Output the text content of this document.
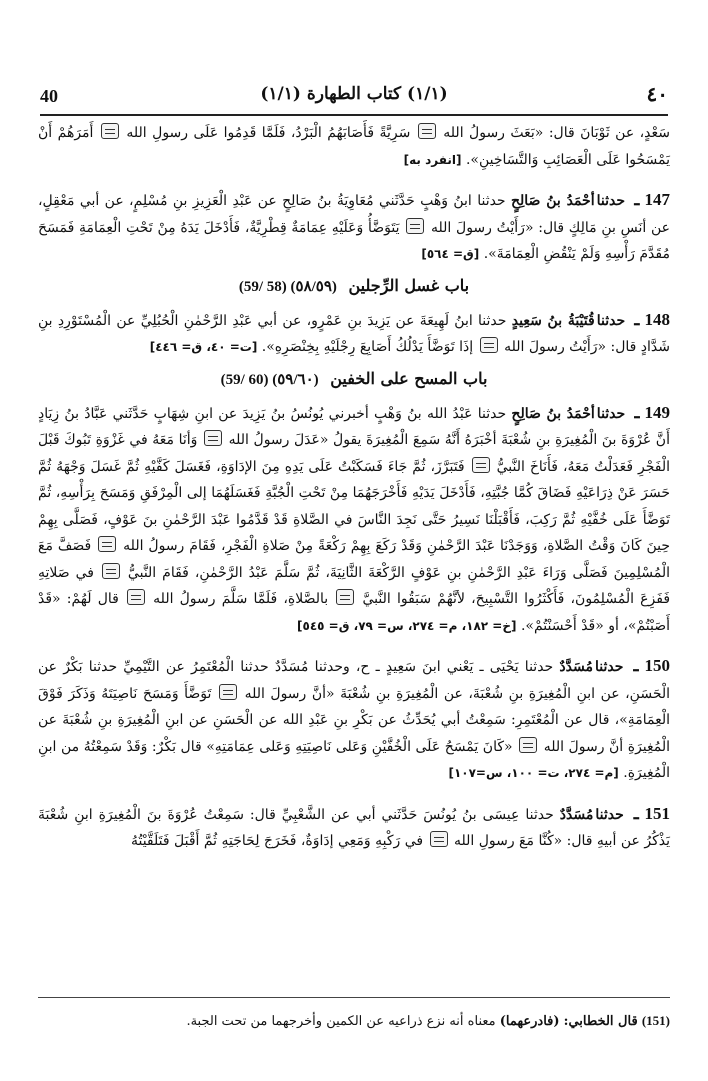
40	(١/١) كتاب الطهارة (١/١)	٤٠

سَعْدٍ، عن ثَوْبَانَ قال: «بَعَثَ رسولُ الله  سَرِيَّةً فَأَصَابَهُمُ الْبَرْدُ، فَلَمَّا قَدِمُوا عَلَى رسولِ الله  أَمَرَهُمْ أَنْ يَمْسَحُوا عَلَى الْعَصَائِبِ وَالتَّسَاخِينِ». [انفرد به]

147 ـ حدثناأحْمَدُ بنُ صَالِحٍ حدثنا ابنُ وَهْبٍ حَدَّثَني مُعَاوِيَةُ بنُ صَالِحٍ عن عَبْدِ الْعَزِيزِ بنِ مُسْلِمٍ، عن أبي مَعْقِلٍ، عن أنَسِ بنِ مَالِكٍ قال: «رَأَيْتُ رسولَ الله  يَتَوَضَّأُ وَعَلَيْهِ عِمَامَةٌ قِطْرِيَّةٌ، فَأَدْخَلَ يَدَهُ مِنْ تَحْتِ الْعِمَامَةِ فَمَسَحَ مُقَدَّمَ رَأْسِهِ وَلَمْ يَنْقُضِ الْعِمَامَةَ». [ق= ٥٦٤]

باب غسل الرِّجلين (٥٨/٥٩) (58 /59)

148 ـ حدثناقُتَيْبَةُ بنُ سَعِيدٍ حدثنا ابنُ لَهِيعَةَ عن يَزِيدَ بنِ عَمْرٍو، عن أبي عَبْدِ الرَّحْمٰنِ الْحُبُلِيِّ عن الْمُسْتَوْرِدِ بنِ شَدَّادٍ قال: «رَأَيْتُ رسولَ الله  إذَا تَوَضَّأَ يَدْلُكُ أَصَابِعَ رِجْلَيْهِ بِخِنْصَرِهِ». [ت= ٤٠، ق= ٤٤٦]

باب المسح على الخفين (٥٩/٦٠) (60 /59)

149 ـ حدثناأحْمَدُ بنُ صَالِحٍ حدثنا عَبْدُ الله بنُ وَهْبٍ أخبرني يُونُسُ بنُ يَزِيدَ عن ابنِ شِهَابٍ حَدَّثَني عَبَّادُ بنُ زِيَادٍ أَنَّ عُرْوَةَ بنَ الْمُغِيرَةِ بنِ شُعْبَةَ أخْبَرَهُ أَنَّهُ سَمِعَ الْمُغِيرَةَ يقولُ «عَدَلَ رسولُ الله  وَأنَا مَعَهُ في غَزْوَةِ تَبُوكَ قَبْلَ الْفَجْرِ فَعَدَلْتُ مَعَهُ، فَأَنَاخَ النَّبيُّ  فَتَبَرَّزَ، ثُمَّ جَاءَ فَسَكَبْتُ عَلَى يَدِهِ مِنَ الإدَاوَةِ، فَغَسَلَ كَفَّيْهِ ثُمَّ غَسَلَ وَجْهَهُ ثُمَّ حَسَرَ عَنْ ذِرَاعَيْهِ فَضَاقَ كُمَّا جُبَّتِهِ، فَأَدْخَلَ يَدَيْهِ فَأَخْرَجَهُمَا مِنْ تَحْتِ الْجُبَّةِ فَغَسَلَهُمَا إلى الْمِرْفَقِ وَمَسَحَ بِرَأْسِهِ، ثُمَّ تَوَضَّأَ عَلَى خُفَّيْهِ ثُمَّ رَكِبَ، فَأَقْبَلْنَا نَسِيرُ حَتَّى نَجِدَ النَّاسَ في الصَّلاةِ قَدْ قَدَّمُوا عَبْدَ الرَّحْمٰنِ بنَ عَوْفٍ، فَصَلَّى بِهِمْ حِينَ كَانَ وَقْتُ الصَّلاةِ، وَوَجَدْنَا عَبْدَ الرَّحْمٰنِ وَقَدْ رَكَعَ بِهِمْ رَكْعَةً مِنْ صَلاةِ الْفَجْرِ، فَقَامَ رسولُ الله  فَصَفَّ مَعَ الْمُسْلِمِينَ فَصَلَّى وَرَاءَ عَبْدِ الرَّحْمٰنِ بنِ عَوْفٍ الرَّكْعَةَ الثَّانِيَةَ، ثُمَّ سَلَّمَ عَبْدُ الرَّحْمٰنِ، فَقَامَ النَّبيُّ  في صَلاتِهِ فَفَزِعَ الْمُسْلِمُونَ، فَأَكْثَرُوا التَّسْبِيحَ، لأنَّهُمْ سَبَقُوا النَّبيَّ  بالصَّلاةِ، فَلَمَّا سَلَّمَ رسولُ الله  قال لَهُمْ: «قَدْ أَصَبْتُمْ»، أو «قَدْ أَحْسَنْتُمْ». [خ= ١٨٢، م= ٢٧٤، س= ٧٩، ق= ٥٤٥]

150 ـ حدثنامُسَدَّدٌ حدثنا يَحْيَى ـ يَعْني ابنَ سَعِيدٍ ـ ح، وحدثنا مُسَدَّدٌ حدثنا الْمُعْتَمِرُ عن التَّيْمِيِّ حدثنا بَكْرٌ عن الْحَسَنِ، عن ابنِ الْمُغِيرَةِ بنِ شُعْبَةَ، عن الْمُغِيرَةِ بنِ شُعْبَةَ «أنَّ رسولَ الله  تَوَضَّأَ وَمَسَحَ نَاصِيَتَهُ وَذَكَرَ فَوْقَ الْعِمَامَةِ»، قال عن الْمُعْتَمِرِ: سَمِعْتُ أبي يُحَدِّثُ عن بَكْرِ بنِ عَبْدِ الله عن الْحَسَنِ عن ابنِ الْمُغِيرَةِ بنِ شُعْبَةَ عن الْمُغِيرَةِ أنَّ رسولَ الله  «كَانَ يَمْسَحُ عَلَى الْخُفَّيْنِ وَعَلى نَاصِيَتِهِ وَعَلى عِمَامَتِهِ» قال بَكْرٌ: وَقَدْ سَمِعْتُهُ من ابنِ الْمُغِيرَةِ. [م= ٢٧٤، ت= ١٠٠، س=١٠٧]

151 ـ حدثنامُسَدَّدٌ حدثنا عِيسَى بنُ يُونُسَ حَدَّثَني أبي عن الشَّعْبِيِّ قال: سَمِعْتُ عُرْوَةَ بنَ الْمُغِيرَةِ ابنِ شُعْبَةَ يَذْكُرُ عن أبيهِ قال: «كُنَّا مَعَ رسولِ الله  في رَكْبِهِ وَمَعِي إدَاوَةٌ، فَخَرَجَ لِحَاجَتِهِ ثُمَّ أَقْبَلَ فَتَلَقَّيْتُهُ

(151) قال الخطابي: (فادرعهما) معناه أنه نزع ذراعيه عن الكمين وأخرجهما من تحت الجبة.
